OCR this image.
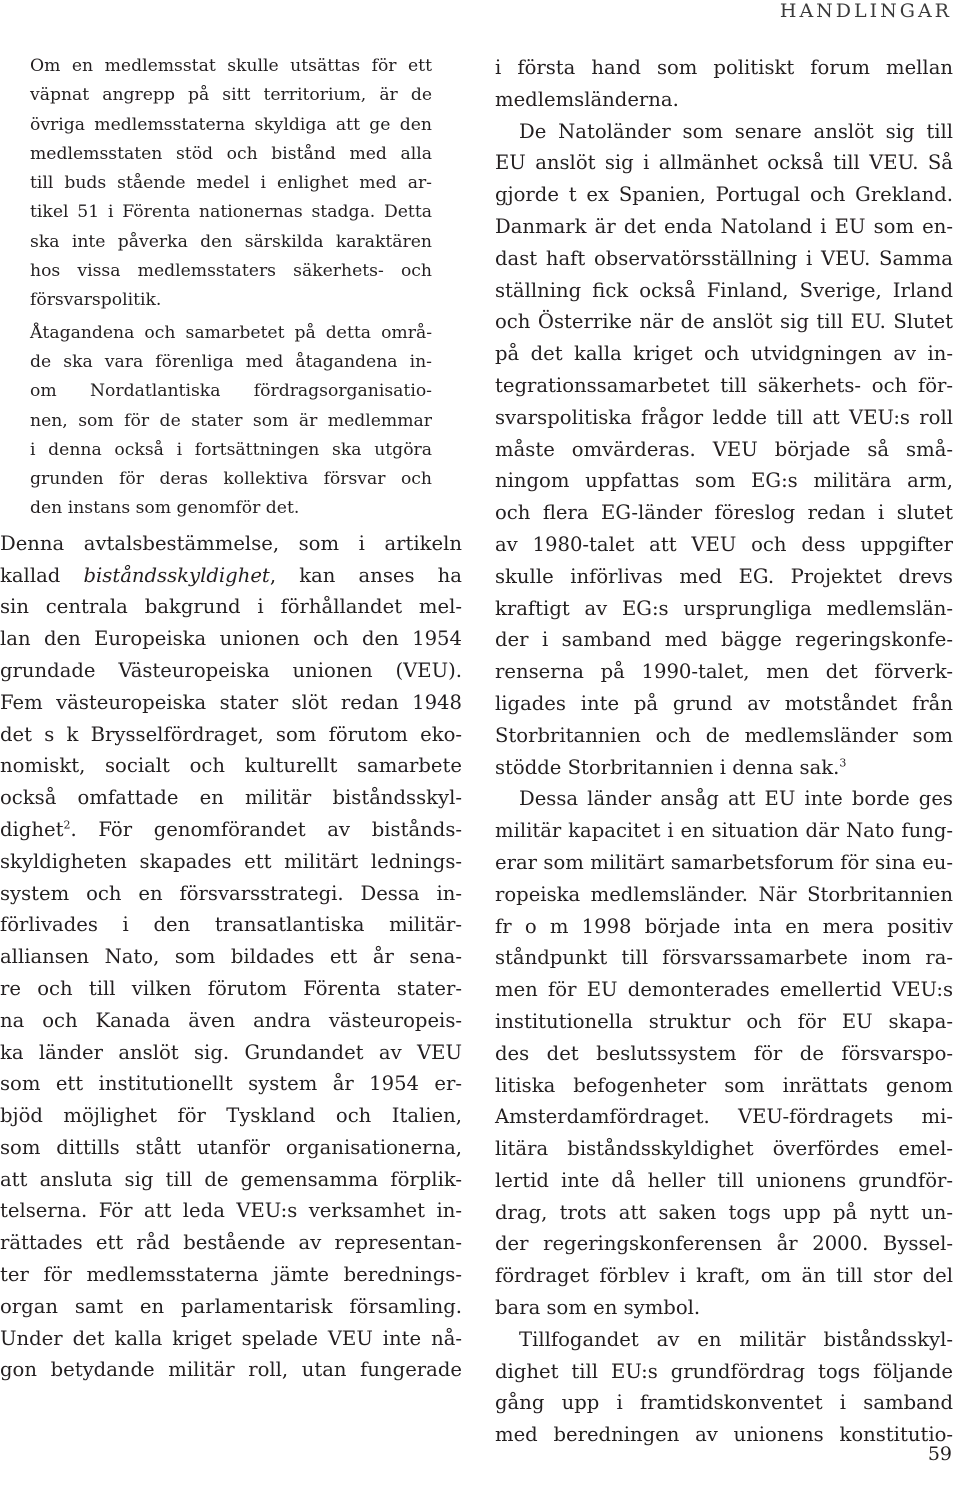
HANDLINGAR

Om en medlemsstat skulle utsättas för ett
väpnat angrepp på sitt territorium, är de
övriga medlemsstaterna skyldiga att ge den
medlemsstaten stöd och bistånd med alla
till buds stående medel i enlighet med ar-
tikel 51 i Förenta nationernas stadga. Detta
ska inte påverka den särskilda karaktären
hos vissa medlemsstaters säkerhets- och
försvarspolitik.

Åtagandena och samarbetet på detta områ-
de ska vara förenliga med åtagandena in-
om Nordatlantiska fördragsorganisatio-
nen, som för de stater som är medlemmar
i denna också i fortsättningen ska utgöra
grunden för deras kollektiva försvar och
den instans som genomför det.

Denna avtalsbestämmelse, som i artikeln
kallad biståndsskyldighet, kan anses ha
sin centrala bakgrund i förhållandet mel-
lan den Europeiska unionen och den 1954
grundade Västeuropeiska unionen (VEU).
Fem västeuropeiska stater slöt redan 1948
det s k Brysselfördraget, som förutom eko-
nomiskt, socialt och kulturellt samarbete
också omfattade en militär biståndsskyl-
dighet$^2$. För genomförandet av bistånds-
skyldigheten skapades ett militärt lednings-
system och en försvarsstrategi. Dessa in-
förlivades i den transatlantiska militär-
alliansen Nato, som bildades ett år sena-
re och till vilken förutom Förenta stater-
na och Kanada även andra västeuropeis-
ka länder anslöt sig. Grundandet av VEU
som ett institutionellt system år 1954 er-
bjöd möjlighet för Tyskland och Italien,
som dittills stått utanför organisationerna,
att ansluta sig till de gemensamma förplik-
telserna. För att leda VEU:s verksamhet in-
rättades ett råd bestående av representan-
ter för medlemsstaterna jämte berednings-
organ samt en parlamentarisk församling.
Under det kalla kriget spelade VEU inte nå-
gon betydande militär roll, utan fungerade

i första hand som politiskt forum mellan
medlemsländerna.

De Natoländer som senare anslöt sig till
EU anslöt sig i allmänhet också till VEU. Så
gjorde t ex Spanien, Portugal och Grekland.
Danmark är det enda Natoland i EU som en-
dast haft observatörsställning i VEU. Samma
ställning fick också Finland, Sverige, Irland
och Österrike när de anslöt sig till EU. Slutet
på det kalla kriget och utvidgningen av in-
tegrationssamarbetet till säkerhets- och för-
svarspolitiska frågor ledde till att VEU:s roll
måste omvärderas. VEU började så små-
ningom uppfattas som EG:s militära arm,
och flera EG-länder föreslog redan i slutet
av 1980-talet att VEU och dess uppgifter
skulle införlivas med EG. Projektet drevs
kraftigt av EG:s ursprungliga medlemslän-
der i samband med bägge regeringskonfe-
renserna på 1990-talet, men det förverk-
ligades inte på grund av motståndet från
Storbritannien och de medlemsländer som
stödde Storbritannien i denna sak.$^3$

Dessa länder ansåg att EU inte borde ges
militär kapacitet i en situation där Nato fung-
erar som militärt samarbetsforum för sina eu-
ropeiska medlemsländer. När Storbritannien
fr o m 1998 började inta en mera positiv
ståndpunkt till försvarssamarbete inom ra-
men för EU demonterades emellertid VEU:s
institutionella struktur och för EU skapa-
des det beslutssystem för de försvarspo-
litiska befogenheter som inrättats genom
Amsterdamfördraget. VEU-fördragets mi-
litära biståndsskyldighet överfördes emel-
lertid inte då heller till unionens grundför-
drag, trots att saken togs upp på nytt un-
der regeringskonferensen år 2000. Byssel-
fördraget förblev i kraft, om än till stor del
bara som en symbol.

Tillfogandet av en militär biståndsskyl-
dighet till EU:s grundfördrag togs följande
gång upp i framtidskonventet i samband
med beredningen av unionens konstitutio-

59
